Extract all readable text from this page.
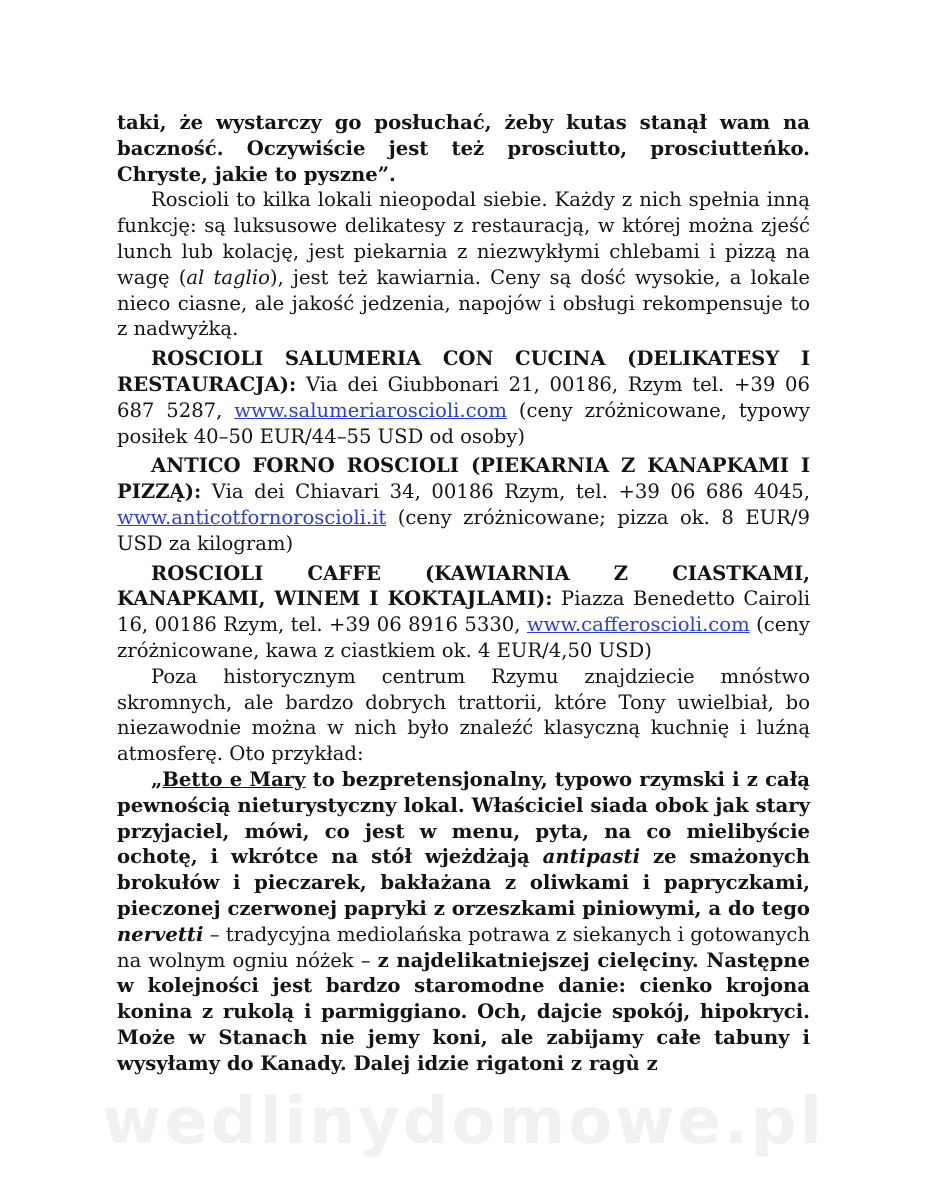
taki, że wystarczy go posłuchać, żeby kutas stanął wam na baczność. Oczywiście jest też prosciutto, prosciutteńko. Chryste, jakie to pyszne”.

Roscioli to kilka lokali nieopodal siebie. Każdy z nich spełnia inną funkcję: są luksusowe delikatesy z restauracją, w której można zjeść lunch lub kolację, jest piekarnia z niezwykłymi chlebami i pizzą na wagę (al taglio), jest też kawiarnia. Ceny są dość wysokie, a lokale nieco ciasne, ale jakość jedzenia, napojów i obsługi rekompensuje to z nadwyżką.

ROSCIOLI SALUMERIA CON CUCINA (DELIKATESY I RESTAURACJA): Via dei Giubbonari 21, 00186, Rzym tel. +39 06 687 5287, www.salumeriaroscioli.com (ceny zróżnicowane, typowy posiłek 40–50 EUR/44–55 USD od osoby)

ANTICO FORNO ROSCIOLI (PIEKARNIA Z KANAPKAMI I PIZZĄ): Via dei Chiavari 34, 00186 Rzym, tel. +39 06 686 4045, www.anticotfornoroscioli.it (ceny zróżnicowane; pizza ok. 8 EUR/9 USD za kilogram)

ROSCIOLI CAFFE (KAWIARNIA Z CIASTKAMI, KANAPKAMI, WINEM I KOKTAJLAMI): Piazza Benedetto Cairoli 16, 00186 Rzym, tel. +39 06 8916 5330, www.cafferoscioli.com (ceny zróżnicowane, kawa z ciastkiem ok. 4 EUR/4,50 USD)

Poza historycznym centrum Rzymu znajdziecie mnóstwo skromnych, ale bardzo dobrych trattorii, które Tony uwielbiał, bo niezawodnie można w nich było znaleźć klasyczną kuchnię i luźną atmosferę. Oto przykład:

„Betto e Mary to bezpretensjonalny, typowo rzymski i z całą pewnością nieturystyczny lokal. Właściciel siada obok jak stary przyjaciel, mówi, co jest w menu, pyta, na co mielibyście ochotę, i wkrótce na stół wjeżdżają antipasti ze smażonych brokułów i pieczarek, bakłażana z oliwkami i papryczkami, pieczonej czerwonej papryki z orzeszkami piniowymi, a do tego nervetti – tradycyjna mediolańska potrawa z siekanych i gotowanych na wolnym ogniu nóżek – z najdelikatniejszej cielęciny. Następne w kolejności jest bardzo staromodne danie: cienko krojona konina z rukolą i parmiggiano. Och, dajcie spokój, hipokryci. Może w Stanach nie jemy koni, ale zabijamy całe tabuny i wysyłamy do Kanady. Dalej idzie rigatoni z ragù z

wedlinydomowe.pl
